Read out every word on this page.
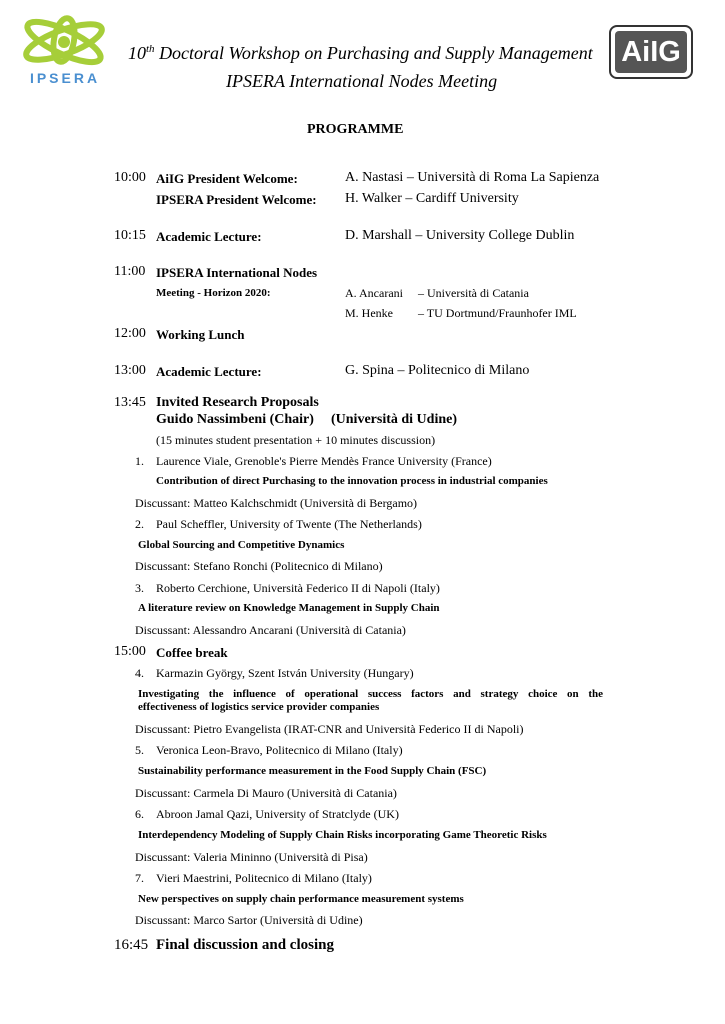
IPSERA
AiIG
10th Doctoral Workshop on Purchasing and Supply Management
IPSERA International Nodes Meeting
PROGRAMME
10:00 AiIG President Welcome:	A. Nastasi – Università di Roma La Sapienza
IPSERA President Welcome: H. Walker – Cardiff University
10:15 Academic Lecture:	D. Marshall – University College Dublin
11:00 IPSERA International Nodes
Meeting - Horizon 2020:	A. Ancarani – Università di Catania
M. Henke – TU Dortmund/Fraunhofer IML
12:00 Working Lunch
13:00 Academic Lecture:	G. Spina – Politecnico di Milano
13:45 Invited Research Proposals
Guido Nassimbeni (Chair) (Università di Udine)
(15 minutes student presentation + 10 minutes discussion)
1. Laurence Viale, Grenoble's Pierre Mendès France University (France)
Contribution of direct Purchasing to the innovation process in industrial companies
Discussant: Matteo Kalchschmidt (Università di Bergamo)
2. Paul Scheffler, University of Twente (The Netherlands)
Global Sourcing and Competitive Dynamics
Discussant: Stefano Ronchi (Politecnico di Milano)
3. Roberto Cerchione, Università Federico II di Napoli (Italy)
A literature review on Knowledge Management in Supply Chain
Discussant: Alessandro Ancarani (Università di Catania)
15:00 Coffee break
4. Karmazin György, Szent István University (Hungary)
Investigating the influence of operational success factors and strategy choice on the
effectiveness of logistics service provider companies
Discussant: Pietro Evangelista (IRAT-CNR and Università Federico II di Napoli)
5. Veronica Leon-Bravo, Politecnico di Milano (Italy)
Sustainability performance measurement in the Food Supply Chain (FSC)
Discussant: Carmela Di Mauro (Università di Catania)
6. Abroon Jamal Qazi, University of Stratclyde (UK)
Interdependency Modeling of Supply Chain Risks incorporating Game Theoretic Risks
Discussant: Valeria Mininno (Università di Pisa)
7. Vieri Maestrini, Politecnico di Milano (Italy)
New perspectives on supply chain performance measurement systems
Discussant: Marco Sartor (Università di Udine)
16:45 Final discussion and closing
